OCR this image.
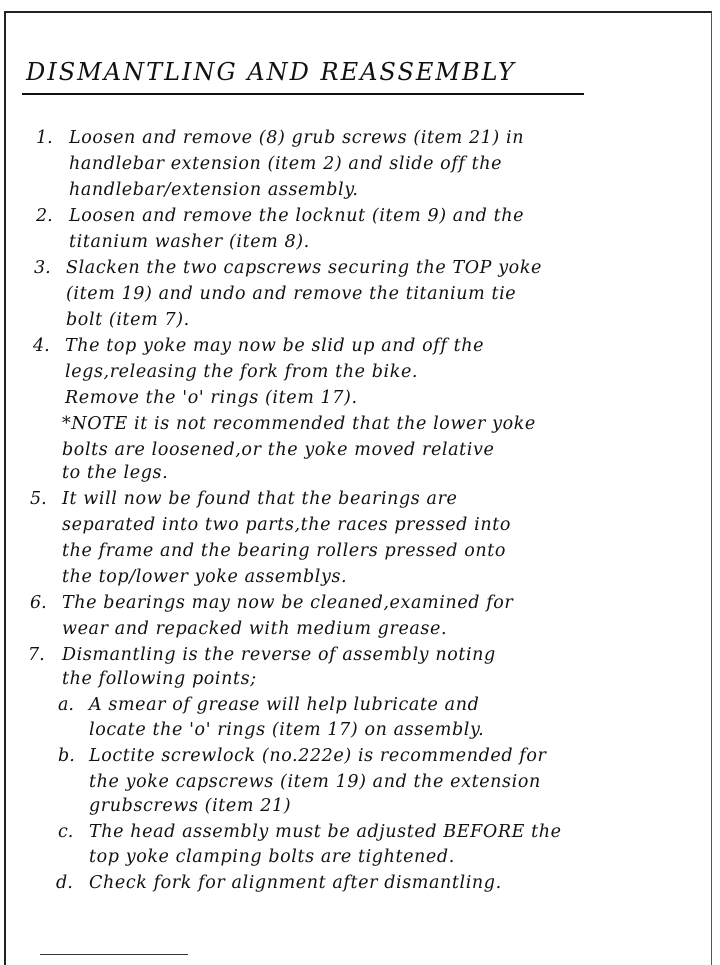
DISMANTLING AND REASSEMBLY
1. Loosen and remove (8) grub screws (item 21) in
handlebar extension (item 2) and slide off the
handlebar/extension assembly.
2. Loosen and remove the locknut (item 9) and the
titanium washer (item 8).
3. Slacken the two capscrews securing the TOP yoke
(item 19) and undo and remove the titanium tie
bolt (item 7).
4. The top yoke may now be slid up and off the
legs,releasing the fork from the bike.
Remove the 'o' rings (item 17).
*NOTE it is not recommended that the lower yoke
bolts are loosened,or the yoke moved relative
to the legs.
5. It will now be found that the bearings are
separated into two parts,the races pressed into
the frame and the bearing rollers pressed onto
the top/lower yoke assemblys.
6. The bearings may now be cleaned,examined for
wear and repacked with medium grease.
7. Dismantling is the reverse of assembly noting
the following points;
a. A smear of grease will help lubricate and
locate the 'o' rings (item 17) on assembly.
b. Loctite screwlock (no.222e) is recommended for
the yoke capscrews (item 19) and the extension
grubscrews (item 21)
c. The head assembly must be adjusted BEFORE the
top yoke clamping bolts are tightened.
d. Check fork for alignment after dismantling.
